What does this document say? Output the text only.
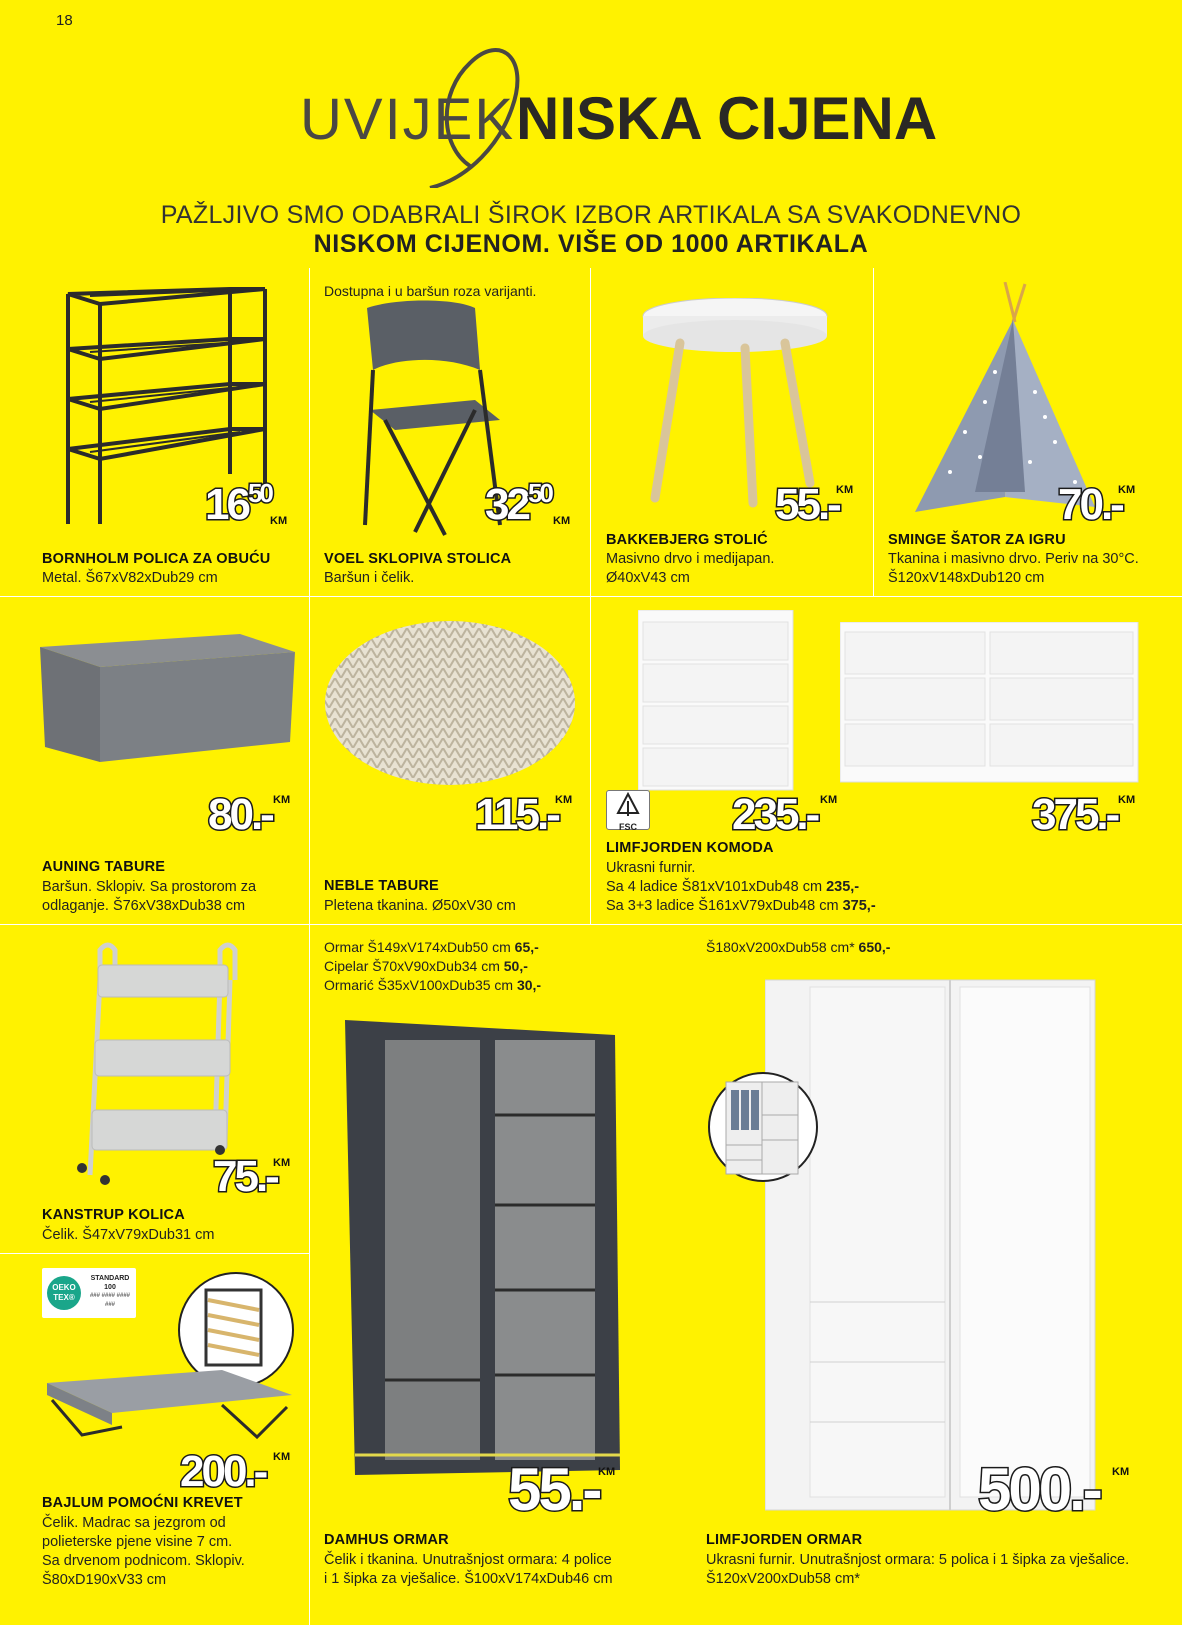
18
UVIJEK NISKA CIJENA
PAŽLJIVO SMO ODABRALI ŠIROK IZBOR ARTIKALA SA SVAKODNEVNO
NISKOM CIJENOM. VIŠE OD 1000 ARTIKALA
$16^{50}$
KM
BORNHOLM POLICA ZA OBUĆU
Metal. Š67xV82xDub29 cm
Dostupna i u baršun roza varijanti.
$32^{50}$
KM
VOEL SKLOPIVA STOLICA
Baršun i čelik.
55.-
KM
BAKKEBJERG STOLIĆ
Masivno drvo i medijapan.
Ø40xV43 cm
70.-
KM
SMINGE ŠATOR ZA IGRU
Tkanina i masivno drvo. Periv na 30°C.
Š120xV148xDub120 cm
80.- KM
AUNING TABURE
Baršun. Sklopiv. Sa prostorom za
odlaganje. Š76xV38xDub38 cm
115.-
KM
NEBLE TABURE
Pletena tkanina. Ø50xV30 cm
FSC 235.- KM	375.- KM
LIMFJORDEN KOMODA
Ukrasni furnir.
Sa 4 ladice Š81xV101xDub48 cm 235,-
Sa 3+3 ladice Š161xV79xDub48 cm 375,-
75.-
KM
KANSTRUP KOLICA
Čelik. Š47xV79xDub31 cm
OEKO
TEX®
STANDARD
100
### #### ####
###
200.- KM
BAJLUM POMOĆNI KREVET
Čelik. Madrac sa jezgrom od
polieterske pjene visine 7 cm.
Sa drvenom podnicom. Sklopiv.
Š80xD190xV33 cm
Ormar Š149xV174xDub50 cm 65,-
Cipelar Š70xV90xDub34 cm 50,-
Ormarić Š35xV100xDub35 cm 30,-
55.-
KM
DAMHUS ORMAR
Čelik i tkanina. Unutrašnjost ormara: 4 police
i 1 šipka za vješalice. Š100xV174xDub46 cm
Š180xV200xDub58 cm* 650,-
500.- KM
LIMFJORDEN ORMAR
Ukrasni furnir. Unutrašnjost ormara: 5 polica i 1 šipka za vješalice.
Š120xV200xDub58 cm*
